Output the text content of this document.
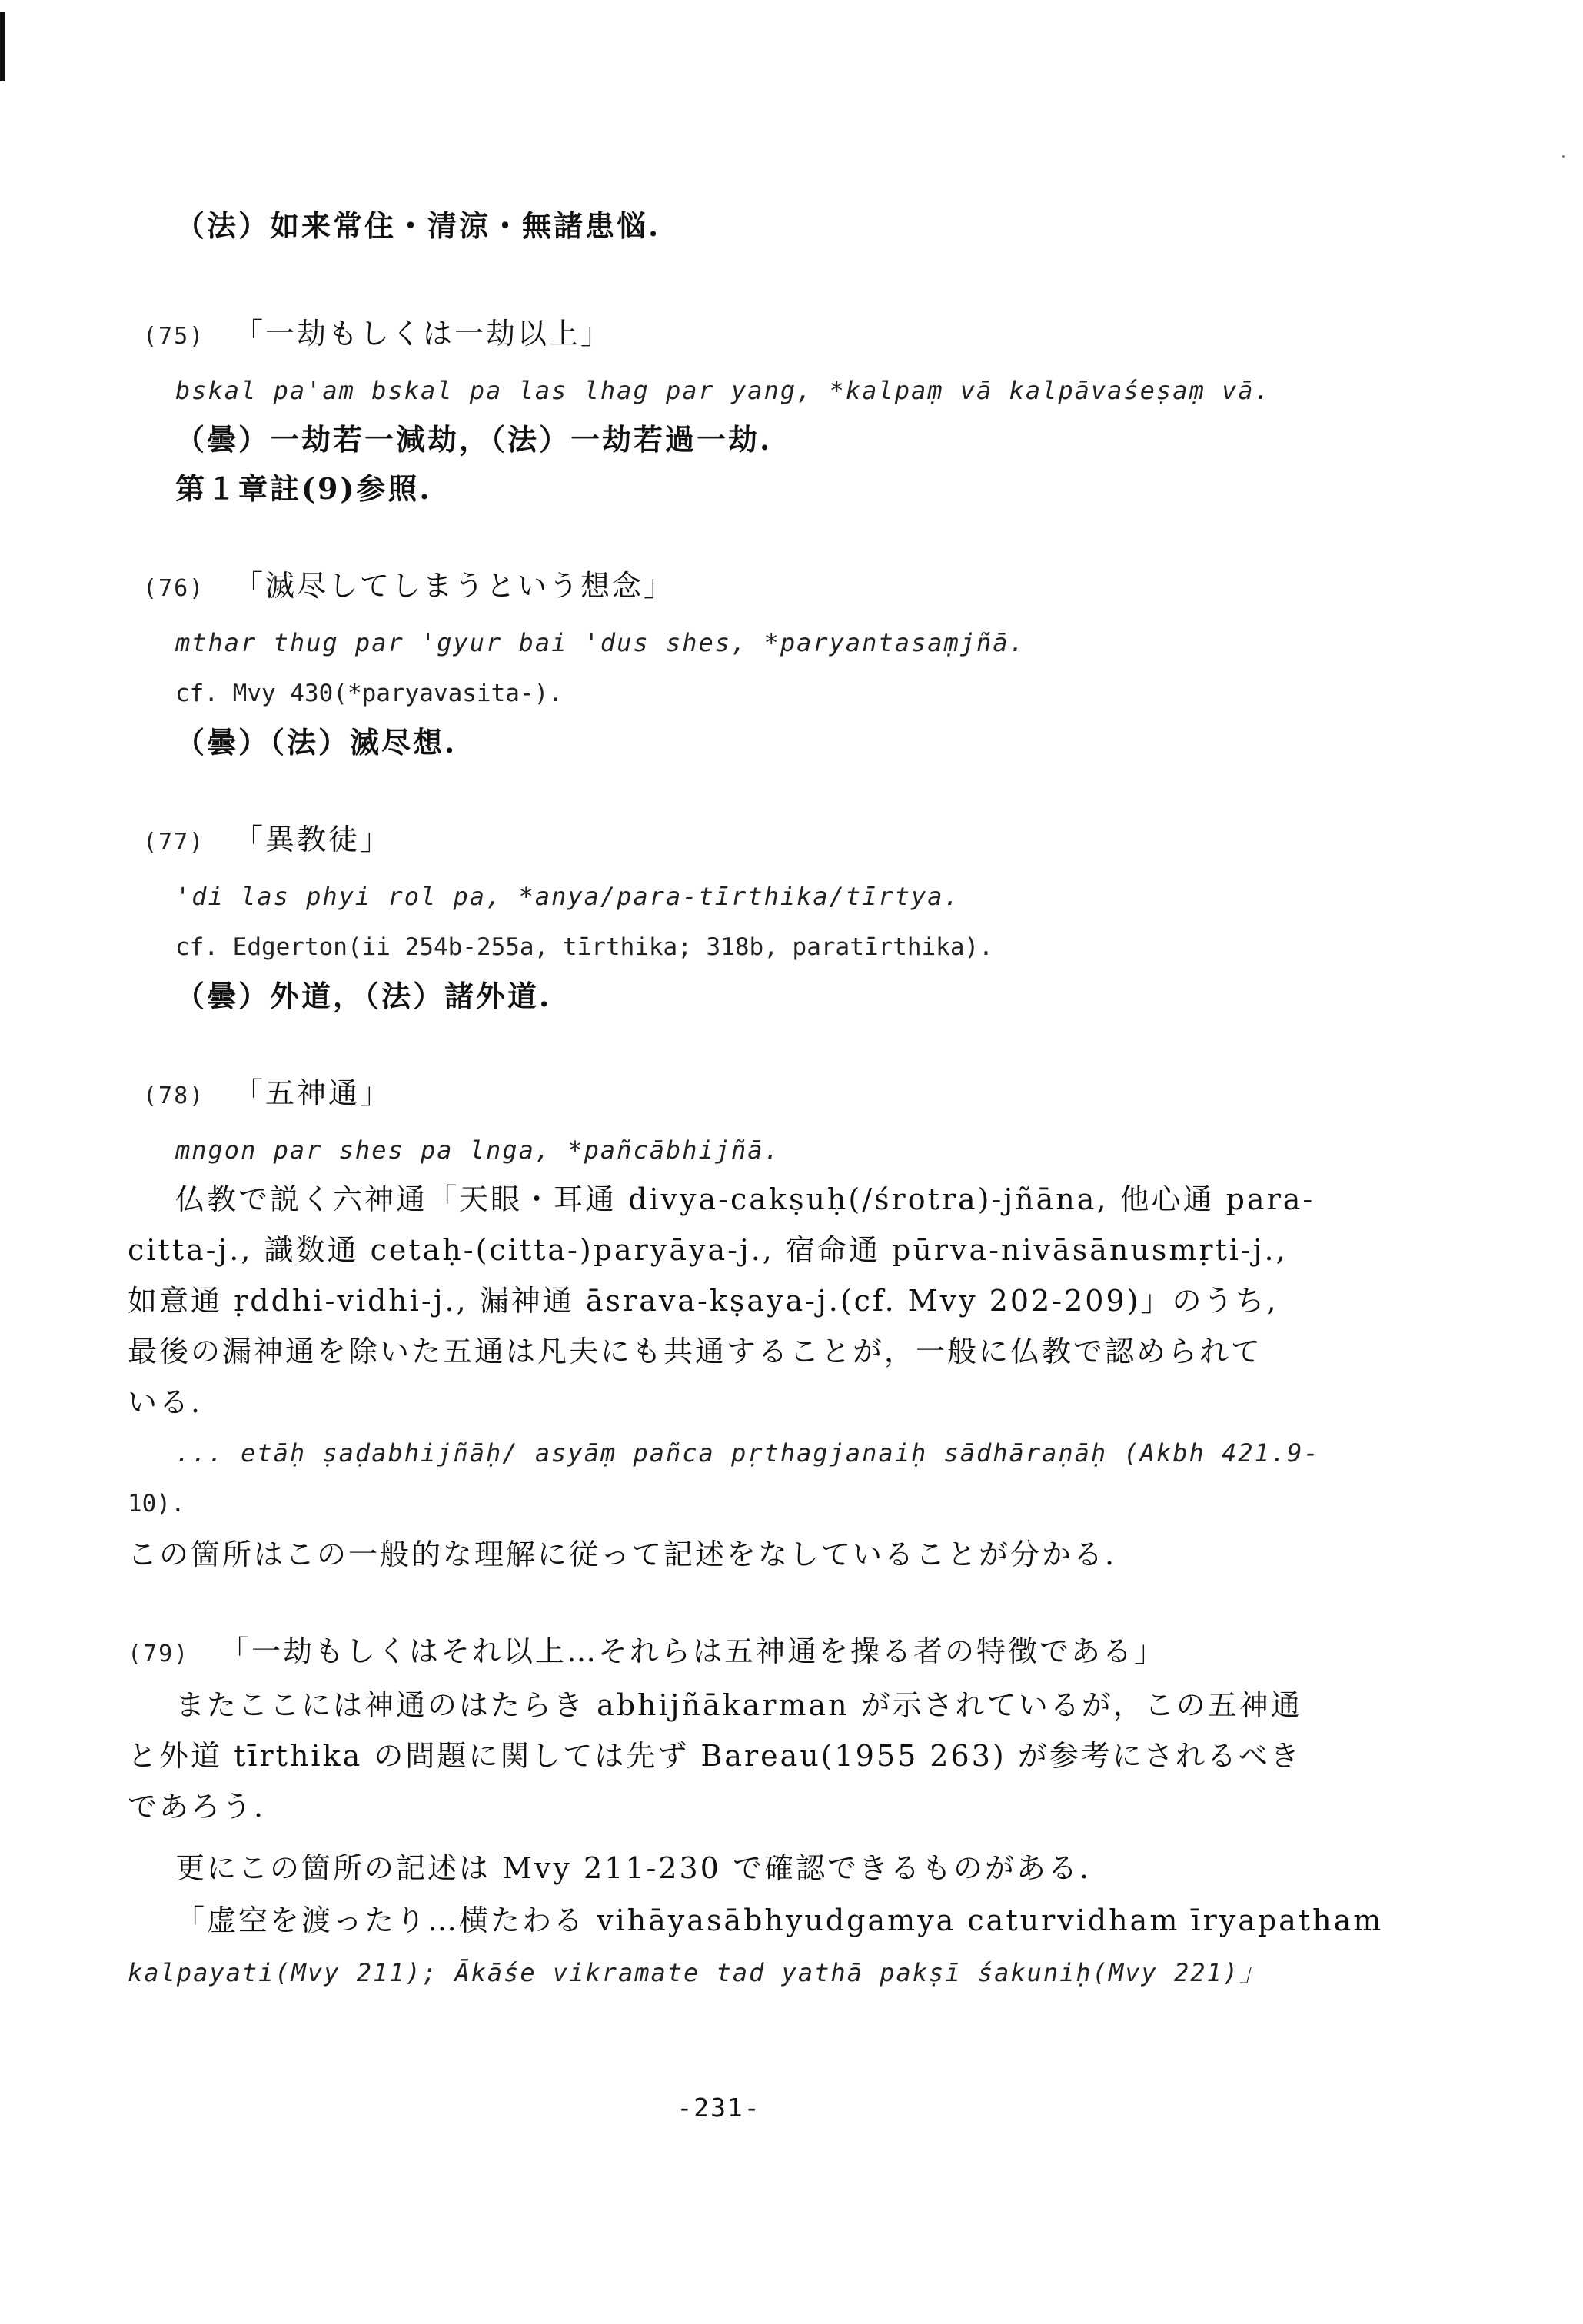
（法）如来常住・清涼・無諸患悩.

(75) 「一劫もしくは一劫以上」

bskal pa'am bskal pa las lhag par yang, *kalpaṃ vā kalpāvaśeṣaṃ vā.

（曇）一劫若一減劫，（法）一劫若過一劫.

第１章註(9)参照.

(76) 「滅尽してしまうという想念」

mthar thug par 'gyur bai 'dus shes, *paryantasaṃjñā.

cf. Mvy 430(*paryavasita-).

（曇）（法）滅尽想.

(77) 「異教徒」

'di las phyi rol pa, *anya/para-tīrthika/tīrtya.

cf. Edgerton(ii 254b-255a, tīrthika; 318b, paratīrthika).

（曇）外道，（法）諸外道.

(78) 「五神通」

mngon par shes pa lnga, *pañcābhijñā.

仏教で説く六神通「天眼・耳通 divya-cakṣuḥ(/śrotra)-jñāna, 他心通 para-

citta-j., 識数通 cetaḥ-(citta-)paryāya-j., 宿命通 pūrva-nivāsānusmṛti-j.,

如意通 ṛddhi-vidhi-j., 漏神通 āsrava-kṣaya-j.(cf. Mvy 202-209)」のうち,

最後の漏神通を除いた五通は凡夫にも共通することが，一般に仏教で認められて

いる.

... etāḥ ṣaḍabhijñāḥ/ asyāṃ pañca pṛthagjanaiḥ sādhāraṇāḥ (Akbh 421.9-

10).

この箇所はこの一般的な理解に従って記述をなしていることが分かる.

(79) 「一劫もしくはそれ以上…それらは五神通を操る者の特徴である」

またここには神通のはたらき abhijñākarman が示されているが，この五神通

と外道 tīrthika の問題に関しては先ず Bareau(1955 263) が参考にされるべき

であろう.

更にこの箇所の記述は Mvy 211-230 で確認できるものがある.

「虚空を渡ったり…横たわる vihāyasābhyudgamya caturvidham īryapatham

kalpayati(Mvy 211); Ākāśe vikramate tad yathā pakṣī śakuniḥ(Mvy 221)」

-231-
